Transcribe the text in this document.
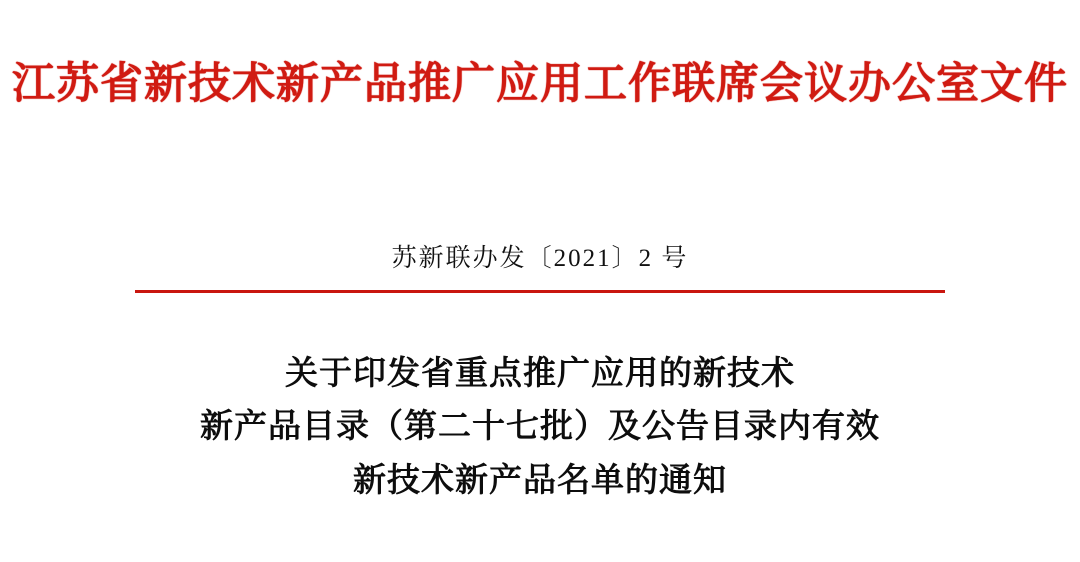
江苏省新技术新产品推广应用工作联席会议办公室文件
苏新联办发〔2021〕2 号
关于印发省重点推广应用的新技术
新产品目录（第二十七批）及公告目录内有效
新技术新产品名单的通知
